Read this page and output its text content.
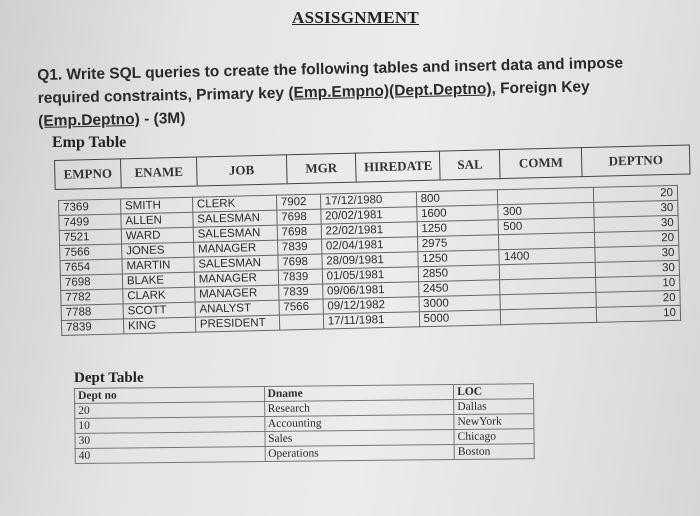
ASSISGNMENT
Q1. Write SQL queries to create the following tables and insert data and impose required constraints, Primary key (Emp.Empno)(Dept.Deptno), Foreign Key (Emp.Deptno) - (3M)
Emp Table
EMPNO	ENAME	JOB	MGR	HIREDATE	SAL	COMM	DEPTNO
7369	SMITH	CLERK	7902	17/12/1980	800		20
7499	ALLEN	SALESMAN	7698	20/02/1981	1600	300	30
7521	WARD	SALESMAN	7698	22/02/1981	1250	500	30
7566	JONES	MANAGER	7839	02/04/1981	2975		20
7654	MARTIN	SALESMAN	7698	28/09/1981	1250	1400	30
7698	BLAKE	MANAGER	7839	01/05/1981	2850		30
7782	CLARK	MANAGER	7839	09/06/1981	2450		10
7788	SCOTT	ANALYST	7566	09/12/1982	3000		20
7839	KING	PRESIDENT		17/11/1981	5000		10
Dept Table
Dept no	Dname	LOC
20	Research	Dallas
10	Accounting	NewYork
30	Sales	Chicago
40	Operations	Boston
